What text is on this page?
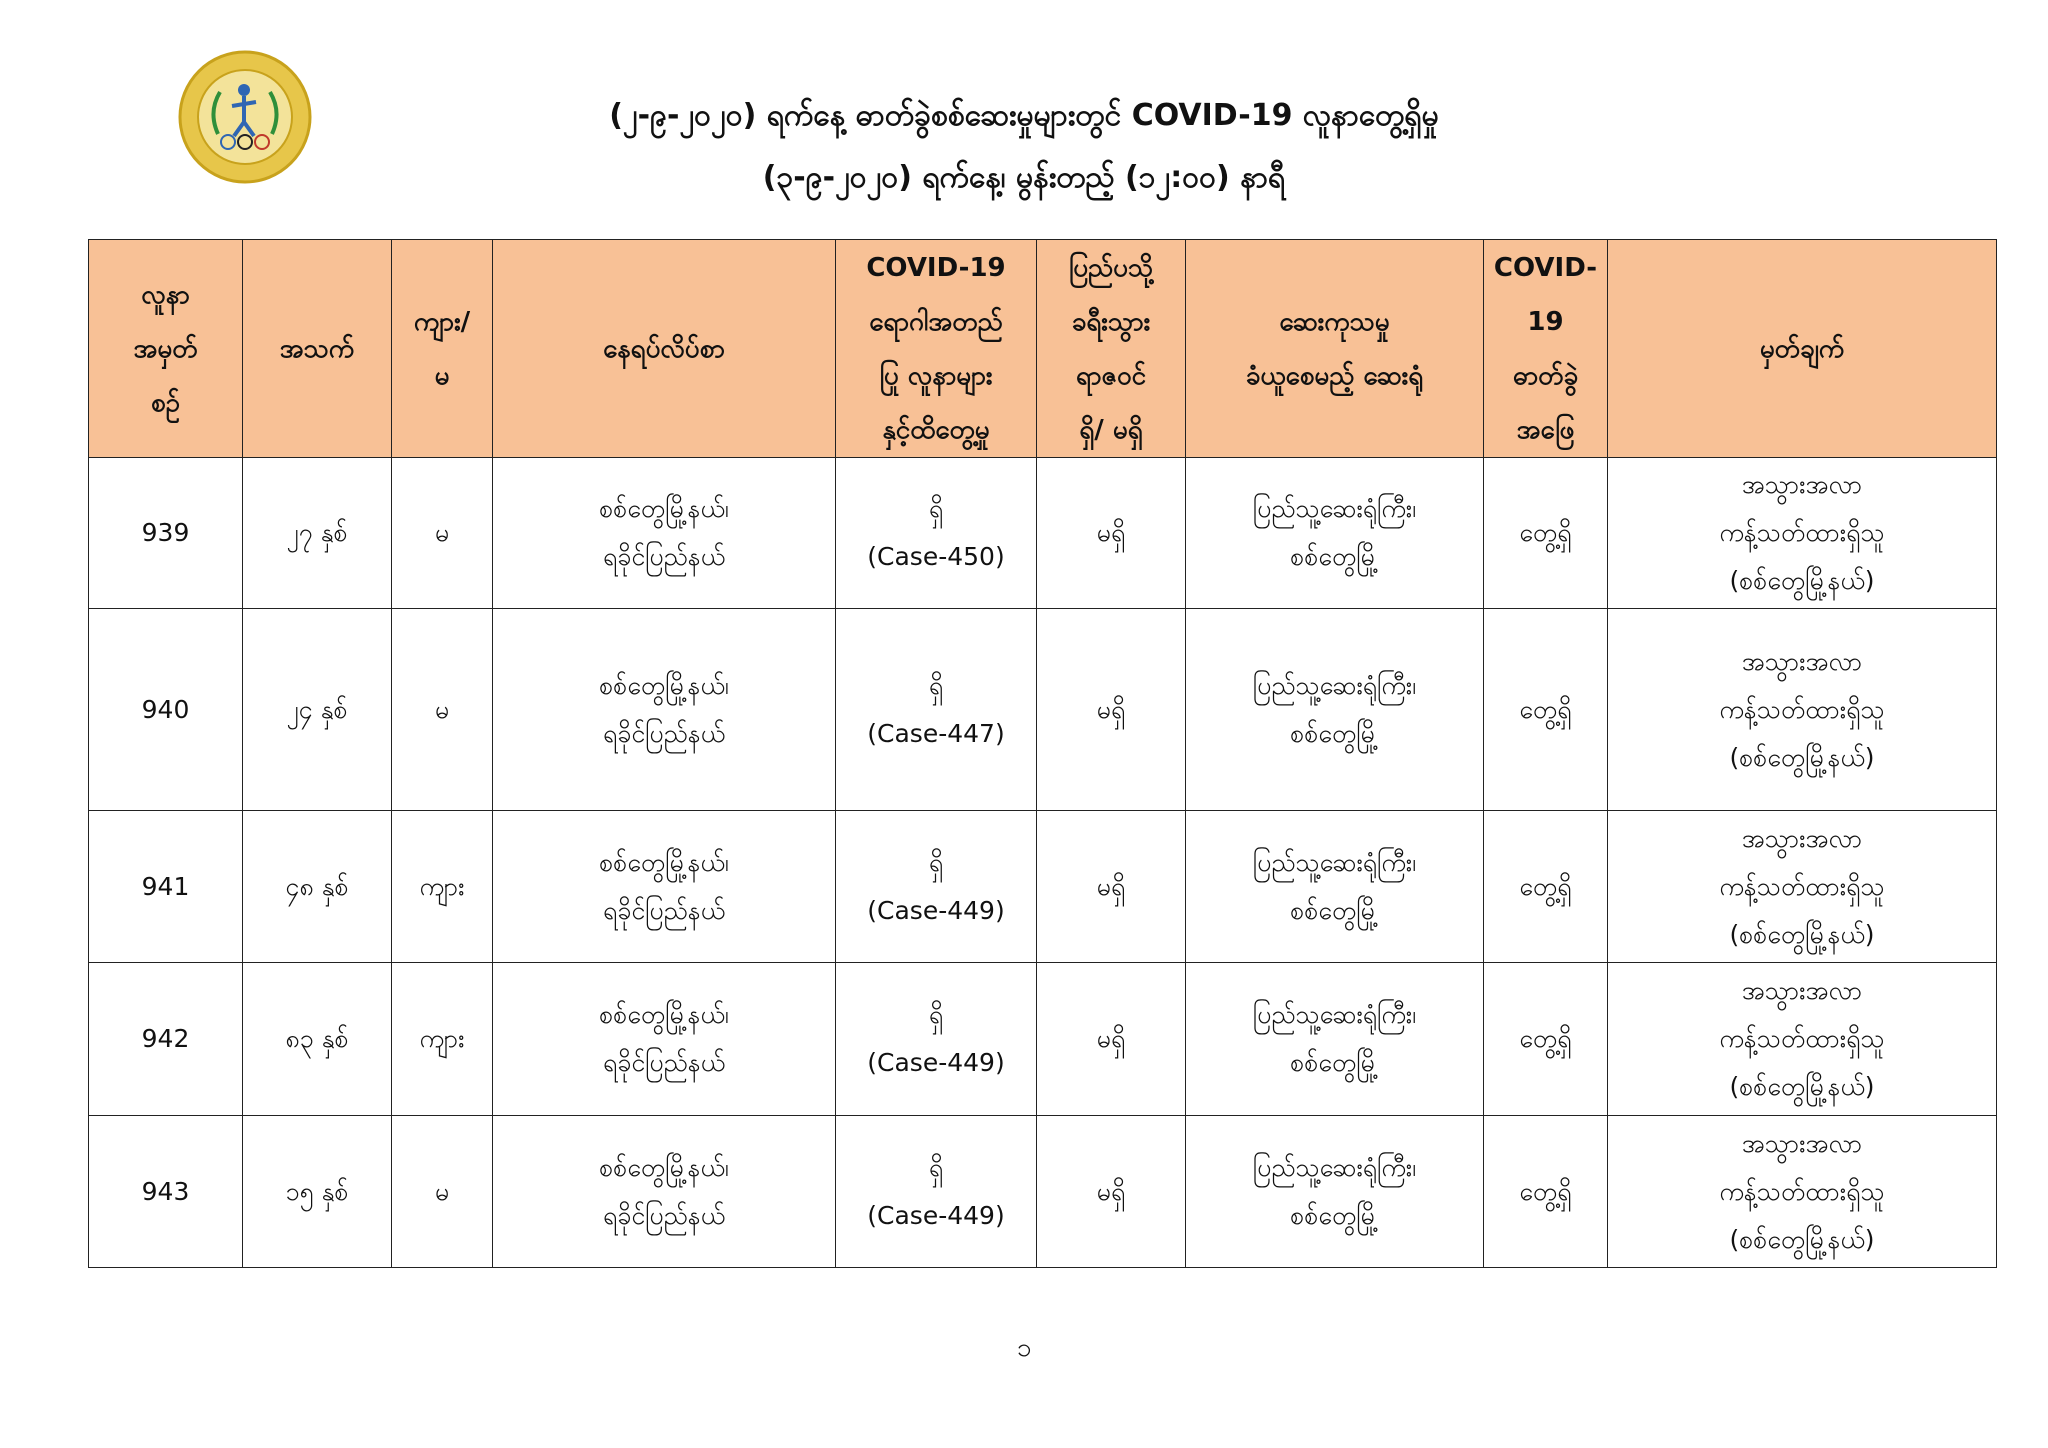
(၂-၉-၂၀၂၀) ရက်နေ့ ဓာတ်ခွဲစစ်ဆေးမှုများတွင် COVID-19 လူနာတွေ့ရှိမှု
(၃-၉-၂၀၂၀) ရက်နေ့၊ မွန်းတည့် (၁၂:၀၀) နာရီ
လူနာ
အမှတ်
စဉ်	အသက်	ကျား/
မ	နေရပ်လိပ်စာ	COVID-19
ရောဂါအတည်
ပြု လူနာများ
နှင့်ထိတွေ့မှု	ပြည်ပသို့
ခရီးသွား
ရာဇဝင်
ရှိ/ မရှိ	ဆေးကုသမှု
ခံယူစေမည့် ဆေးရုံ	COVID-
19
ဓာတ်ခွဲ
အဖြေ	မှတ်ချက်
939	၂၇ နှစ်	မ	စစ်တွေမြို့နယ်၊
ရခိုင်ပြည်နယ်	ရှိ
(Case-450)	မရှိ	ပြည်သူ့ဆေးရုံကြီး၊
စစ်တွေမြို့	တွေ့ရှိ	အသွားအလာ
ကန့်သတ်ထားရှိသူ
(စစ်တွေမြို့နယ်)
940	၂၄ နှစ်	မ	စစ်တွေမြို့နယ်၊
ရခိုင်ပြည်နယ်	ရှိ
(Case-447)	မရှိ	ပြည်သူ့ဆေးရုံကြီး၊
စစ်တွေမြို့	တွေ့ရှိ	အသွားအလာ
ကန့်သတ်ထားရှိသူ
(စစ်တွေမြို့နယ်)
941	၄၈ နှစ်	ကျား	စစ်တွေမြို့နယ်၊
ရခိုင်ပြည်နယ်	ရှိ
(Case-449)	မရှိ	ပြည်သူ့ဆေးရုံကြီး၊
စစ်တွေမြို့	တွေ့ရှိ	အသွားအလာ
ကန့်သတ်ထားရှိသူ
(စစ်တွေမြို့နယ်)
942	၈၃ နှစ်	ကျား	စစ်တွေမြို့နယ်၊
ရခိုင်ပြည်နယ်	ရှိ
(Case-449)	မရှိ	ပြည်သူ့ဆေးရုံကြီး၊
စစ်တွေမြို့	တွေ့ရှိ	အသွားအလာ
ကန့်သတ်ထားရှိသူ
(စစ်တွေမြို့နယ်)
943	၁၅ နှစ်	မ	စစ်တွေမြို့နယ်၊
ရခိုင်ပြည်နယ်	ရှိ
(Case-449)	မရှိ	ပြည်သူ့ဆေးရုံကြီး၊
စစ်တွေမြို့	တွေ့ရှိ	အသွားအလာ
ကန့်သတ်ထားရှိသူ
(စစ်တွေမြို့နယ်)
၁
